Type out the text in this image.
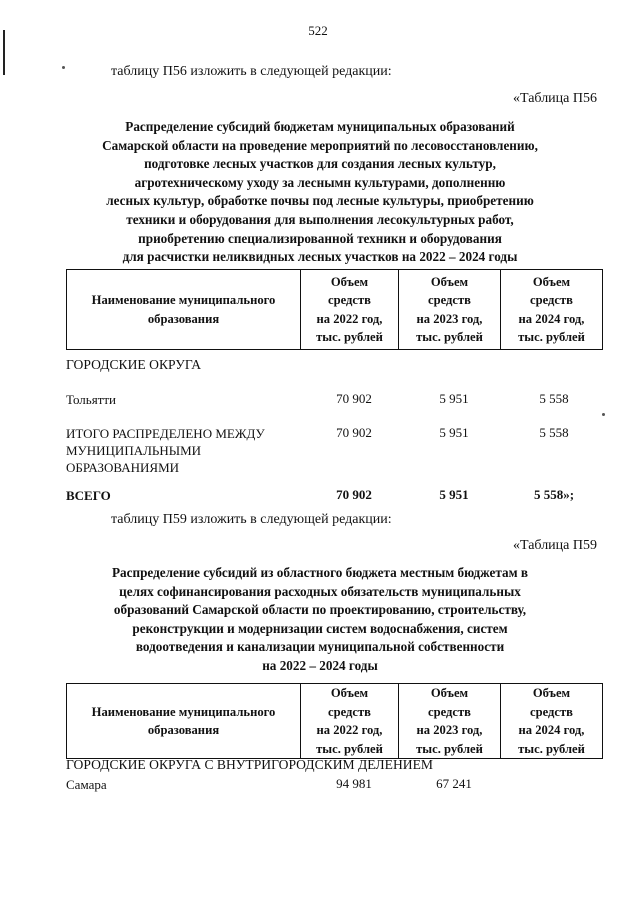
522
таблицу П56 изложить в следующей редакции:
«Таблица П56
Распределение субсидий бюджетам муниципальных образований
Самарской области на проведение мероприятий по лесовосстановлению,
подготовке лесных участков для создания лесных культур,
агротехническому уходу за леснымн культурами, дополненню
лесных культур, обработке почвы под лесные культуры, приобретению
техники и оборудования для выполнения лесокультурных работ,
приобретению специализированной техникн и оборудования
для расчистки неликвидных лесных участков на 2022 – 2024 годы
Наименование муниципального
образования

Объем
средств
на 2022 год,
тыс. рублей

Объем
средств
на 2023 год,
тыс. рублей

Объем
средств
на 2024 год,
тыс. рублей
ГОРОДСКИЕ ОКРУГА
Тольятти	70 902	5 951	5 558
ИТОГО РАСПРЕДЕЛЕНО МЕЖДУ
МУНИЦИПАЛЬНЫМИ
ОБРАЗОВАНИЯМИ
70 902	5 951	5 558
ВСЕГО	70 902	5 951	5 558»;
таблицу П59 изложить в следующей редакции:
«Таблица П59
Распределение субсидий из областного бюджета местным бюджетам в
целях софинансирования расходных обязательств муниципальных
образований Самарской области по проектированию, строительству,
реконструкции и модернизации систем водоснабжения, систем
водоотведения и канализации муниципальной собственности
на 2022 – 2024 годы
Наименование муниципального
образования

Объем
средств
на 2022 год,
тыс. рублей

Объем
средств
на 2023 год,
тыс. рублей

Объем
средств
на 2024 год,
тыс. рублей
ГОРОДСКИЕ ОКРУГА С ВНУТРИГОРОДСКИМ ДЕЛЕНИЕМ
Самара	94 981	67 241
